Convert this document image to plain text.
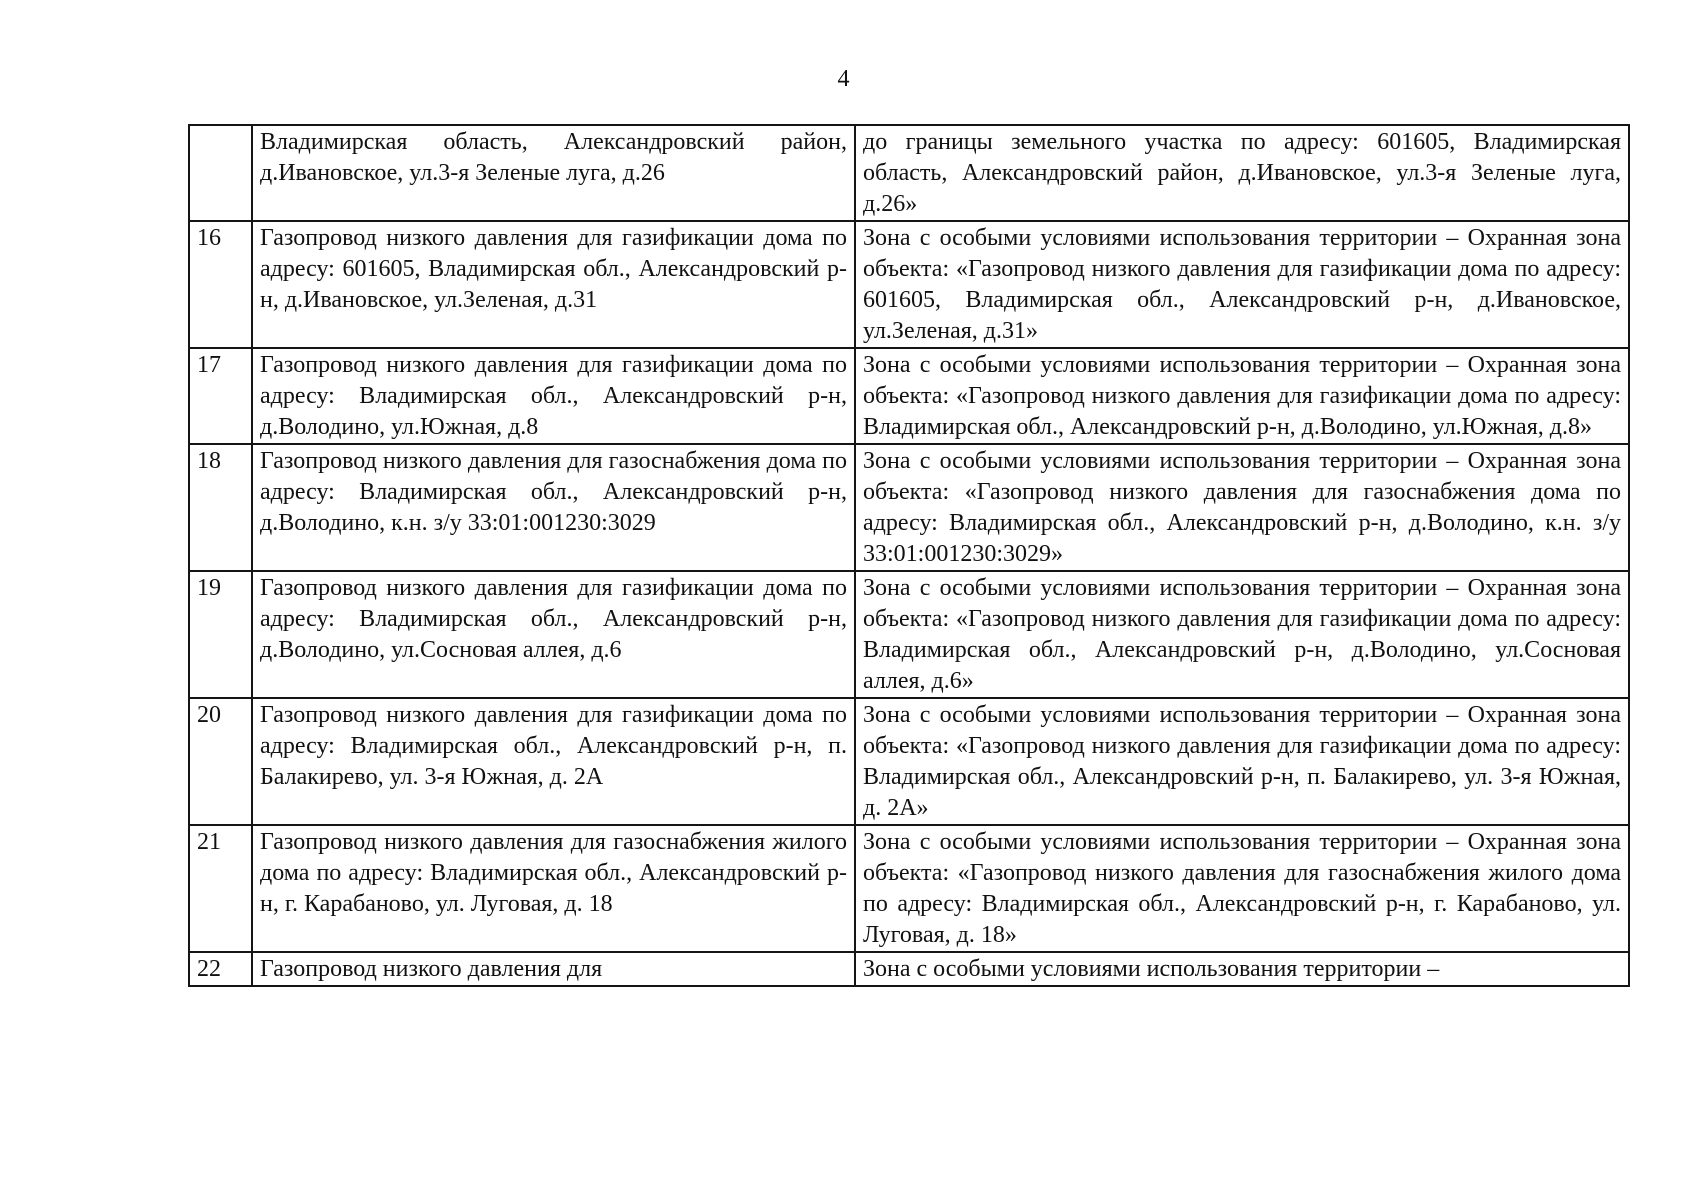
4
	Владимирская область, Александровский район, д.Ивановское, ул.3-я Зеленые луга, д.26	до границы земельного участка по адресу: 601605, Владимирская область, Александровский район, д.Ивановское, ул.3-я Зеленые луга, д.26»
16	Газопровод низкого давления для газификации дома по адресу: 601605, Владимирская обл., Александровский р-н, д.Ивановское, ул.Зеленая, д.31	Зона с особыми условиями использования территории – Охранная зона объекта: «Газопровод низкого давления для газификации дома по адресу: 601605, Владимирская обл., Александровский р-н, д.Ивановское, ул.Зеленая, д.31»
17	Газопровод низкого давления для газификации дома по адресу: Владимирская обл., Александровский р-н, д.Володино, ул.Южная, д.8	Зона с особыми условиями использования территории – Охранная зона объекта: «Газопровод низкого давления для газификации дома по адресу: Владимирская обл., Александровский р-н, д.Володино, ул.Южная, д.8»
18	Газопровод низкого давления для газоснабжения дома по адресу: Владимирская обл., Александровский р-н, д.Володино, к.н. з/у 33:01:001230:3029	Зона с особыми условиями использования территории – Охранная зона объекта: «Газопровод низкого давления для газоснабжения дома по адресу: Владимирская обл., Александровский р-н, д.Володино, к.н. з/у 33:01:001230:3029»
19	Газопровод низкого давления для газификации дома по адресу: Владимирская обл., Александровский р-н, д.Володино, ул.Сосновая аллея, д.6	Зона с особыми условиями использования территории – Охранная зона объекта: «Газопровод низкого давления для газификации дома по адресу: Владимирская обл., Александровский р-н, д.Володино, ул.Сосновая аллея, д.6»
20	Газопровод низкого давления для газификации дома по адресу: Владимирская обл., Александровский р-н, п. Балакирево, ул. 3-я Южная, д. 2А	Зона с особыми условиями использования территории – Охранная зона объекта: «Газопровод низкого давления для газификации дома по адресу: Владимирская обл., Александровский р-н, п. Балакирево, ул. 3-я Южная, д. 2А»
21	Газопровод низкого давления для газоснабжения жилого дома по адресу: Владимирская обл., Александровский р-н, г. Карабаново, ул. Луговая, д. 18	Зона с особыми условиями использования территории – Охранная зона объекта: «Газопровод низкого давления для газоснабжения жилого дома по адресу: Владимирская обл., Александровский р-н, г. Карабаново, ул. Луговая, д. 18»

22	Газопровод низкого давления для	Зона с особыми условиями использования территории –
